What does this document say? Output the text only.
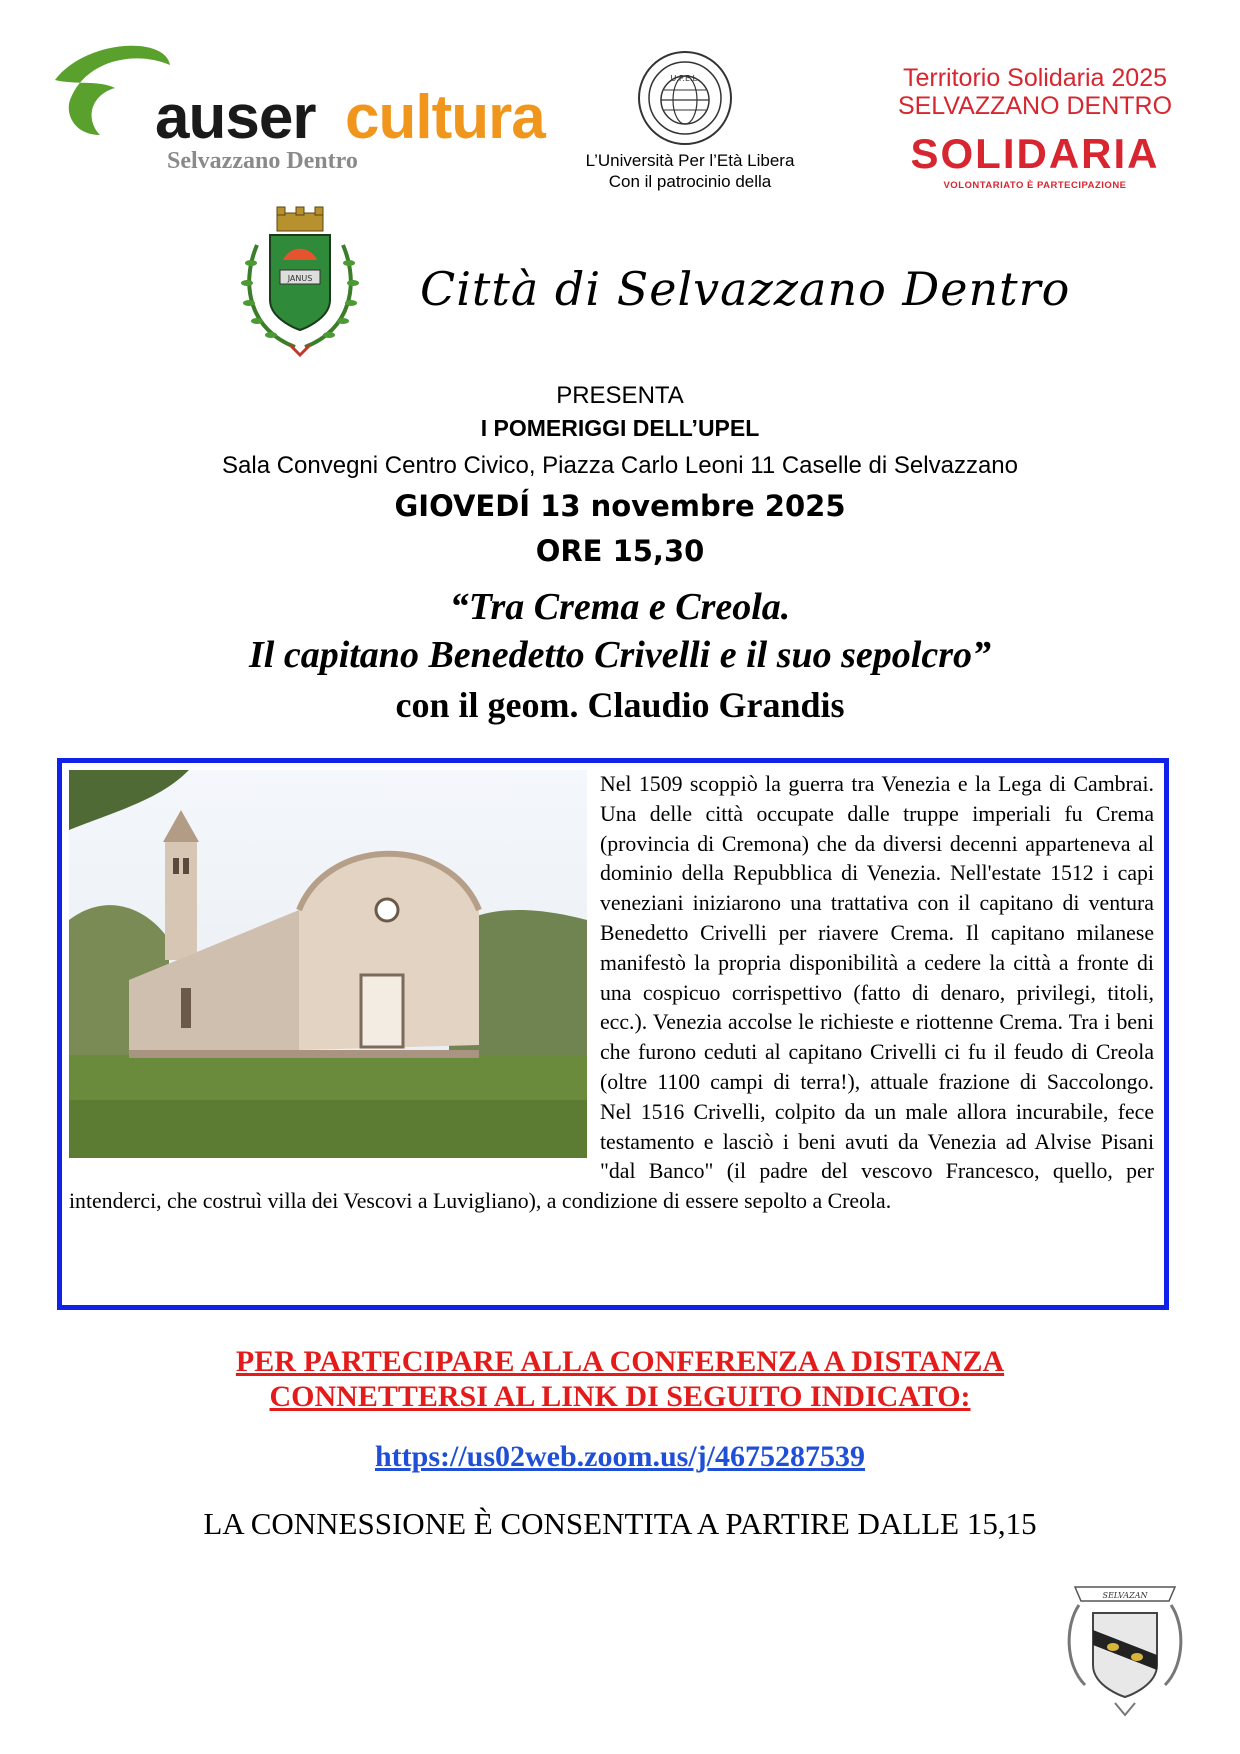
auser cultura
Selvazzano Dentro
U.P.E.L.
L’Università Per l’Età Libera
Con il patrocinio della
Territorio Solidaria 2025
SELVAZZANO DENTRO
SOLIDARIA
VOLONTARIATO È PARTECIPAZIONE
JANUS Città di Selvazzano Dentro
PRESENTA
I POMERIGGI DELL’UPEL
Sala Convegni Centro Civico, Piazza Carlo Leoni 11 Caselle di Selvazzano
GIOVEDÍ 13 novembre 2025
ORE 15,30
“Tra Crema e Creola.
Il capitano Benedetto Crivelli e il suo sepolcro”
con il geom. Claudio Grandis
Nel 1509 scoppiò la guerra tra Venezia e la Lega di Cambrai. Una delle città occupate dalle truppe imperiali fu Crema (provincia di Cremona) che da diversi decenni apparteneva al dominio della Repubblica di Venezia. Nell'estate 1512 i capi veneziani iniziarono una trattativa con il capitano di ventura Benedetto Crivelli per riavere Crema. Il capitano milanese manifestò la propria disponibilità a cedere la città a fronte di una cospicuo corrispettivo (fatto di denaro, privilegi, titoli, ecc.). Venezia accolse le richieste e riottenne Crema. Tra i beni che furono ceduti al capitano Crivelli ci fu il feudo di Creola (oltre 1100 campi di terra!), attuale frazione di Saccolongo. Nel 1516 Crivelli, colpito da un male allora incurabile, fece testamento e lasciò i beni avuti da Venezia ad Alvise Pisani "dal Banco" (il padre del vescovo Francesco, quello, per intenderci, che costruì villa dei Vescovi a Luvigliano), a condizione di essere sepolto a Creola.
PER PARTECIPARE ALLA CONFERENZA A DISTANZA
CONNETTERSI AL LINK DI SEGUITO INDICATO:
https://us02web.zoom.us/j/4675287539
LA CONNESSIONE È CONSENTITA A PARTIRE DALLE 15,15
SELVAZAN
